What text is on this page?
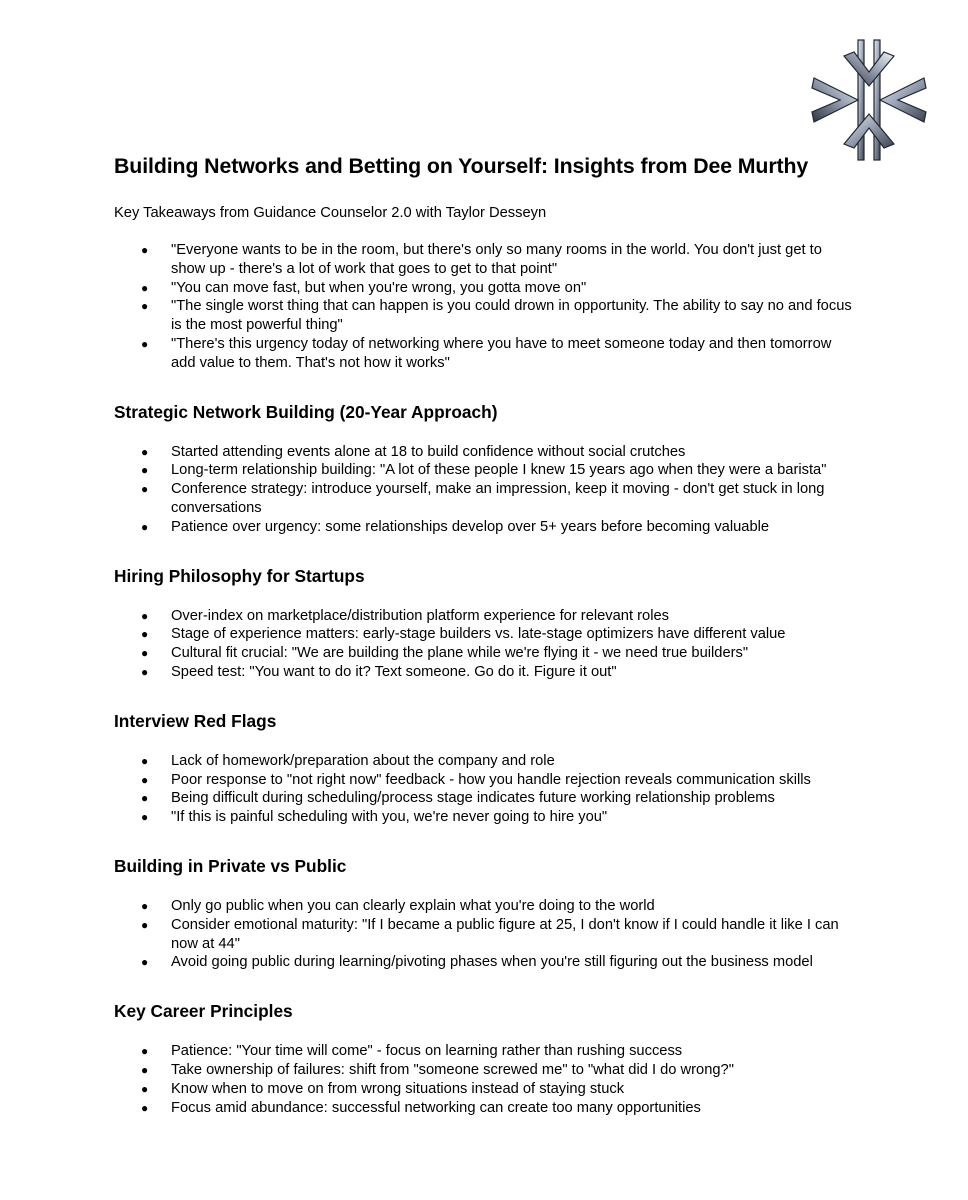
Building Networks and Betting on Yourself: Insights from Dee Murthy
Key Takeaways from Guidance Counselor 2.0 with Taylor Desseyn
● "Everyone wants to be in the room, but there's only so many rooms in the world. You don't just get to show up - there's a lot of work that goes to get to that point"
● "You can move fast, but when you're wrong, you gotta move on"
● "The single worst thing that can happen is you could drown in opportunity. The ability to say no and focus is the most powerful thing"
● "There's this urgency today of networking where you have to meet someone today and then tomorrow add value to them. That's not how it works"
Strategic Network Building (20-Year Approach)
● Started attending events alone at 18 to build confidence without social crutches
● Long-term relationship building: "A lot of these people I knew 15 years ago when they were a barista"
● Conference strategy: introduce yourself, make an impression, keep it moving - don't get stuck in long conversations
● Patience over urgency: some relationships develop over 5+ years before becoming valuable
Hiring Philosophy for Startups
● Over-index on marketplace/distribution platform experience for relevant roles
● Stage of experience matters: early-stage builders vs. late-stage optimizers have different value
● Cultural fit crucial: "We are building the plane while we're flying it - we need true builders"
● Speed test: "You want to do it? Text someone. Go do it. Figure it out"
Interview Red Flags
● Lack of homework/preparation about the company and role
● Poor response to "not right now" feedback - how you handle rejection reveals communication skills
● Being difficult during scheduling/process stage indicates future working relationship problems
● "If this is painful scheduling with you, we're never going to hire you"
Building in Private vs Public
● Only go public when you can clearly explain what you're doing to the world
● Consider emotional maturity: "If I became a public figure at 25, I don't know if I could handle it like I can now at 44"
● Avoid going public during learning/pivoting phases when you're still figuring out the business model
Key Career Principles
● Patience: "Your time will come" - focus on learning rather than rushing success
● Take ownership of failures: shift from "someone screwed me" to "what did I do wrong?"
● Know when to move on from wrong situations instead of staying stuck
● Focus amid abundance: successful networking can create too many opportunities
